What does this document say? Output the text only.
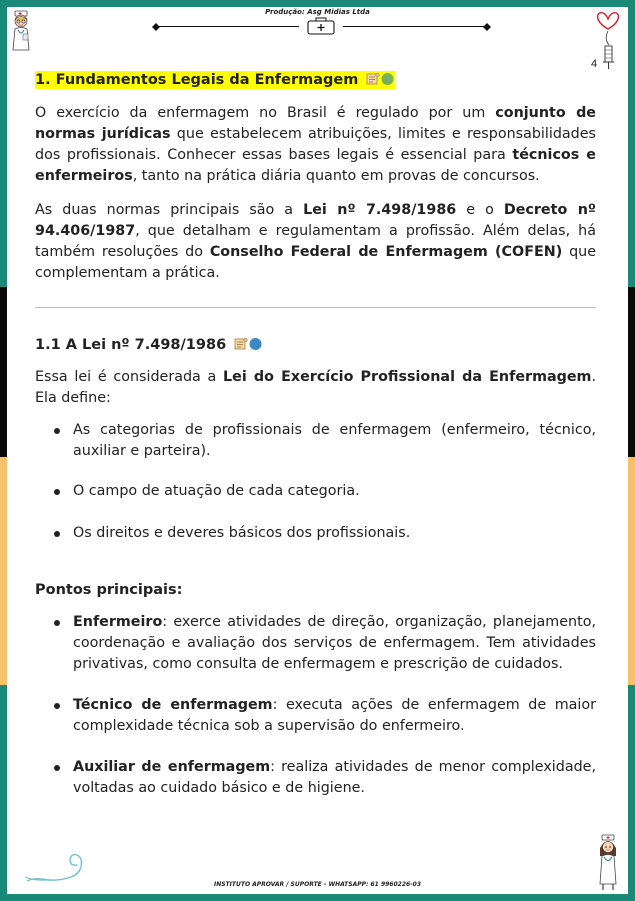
Produção: Asg Midias Ltda
4
1. Fundamentos Legais da Enfermagem

O exercício da enfermagem no Brasil é regulado por um conjunto de normas jurídicas que estabelecem atribuições, limites e responsabilidades dos profissionais. Conhecer essas bases legais é essencial para técnicos e enfermeiros, tanto na prática diária quanto em provas de concursos.

As duas normas principais são a Lei nº 7.498/1986 e o Decreto nº 94.406/1987, que detalham e regulamentam a profissão. Além delas, há também resoluções do Conselho Federal de Enfermagem (COFEN) que complementam a prática.

1.1 A Lei nº 7.498/1986

Essa lei é considerada a Lei do Exercício Profissional da Enfermagem. Ela define:

As categorias de profissionais de enfermagem (enfermeiro, técnico, auxiliar e parteira).
O campo de atuação de cada categoria.
Os direitos e deveres básicos dos profissionais.
Pontos principais:
Enfermeiro: exerce atividades de direção, organização, planejamento, coordenação e avaliação dos serviços de enfermagem. Tem atividades privativas, como consulta de enfermagem e prescrição de cuidados.
Técnico de enfermagem: executa ações de enfermagem de maior complexidade técnica sob a supervisão do enfermeiro.
Auxiliar de enfermagem: realiza atividades de menor complexidade, voltadas ao cuidado básico e de higiene.
INSTITUTO APROVAR / SUPORTE - WHATSAPP: 61 9960226-03
